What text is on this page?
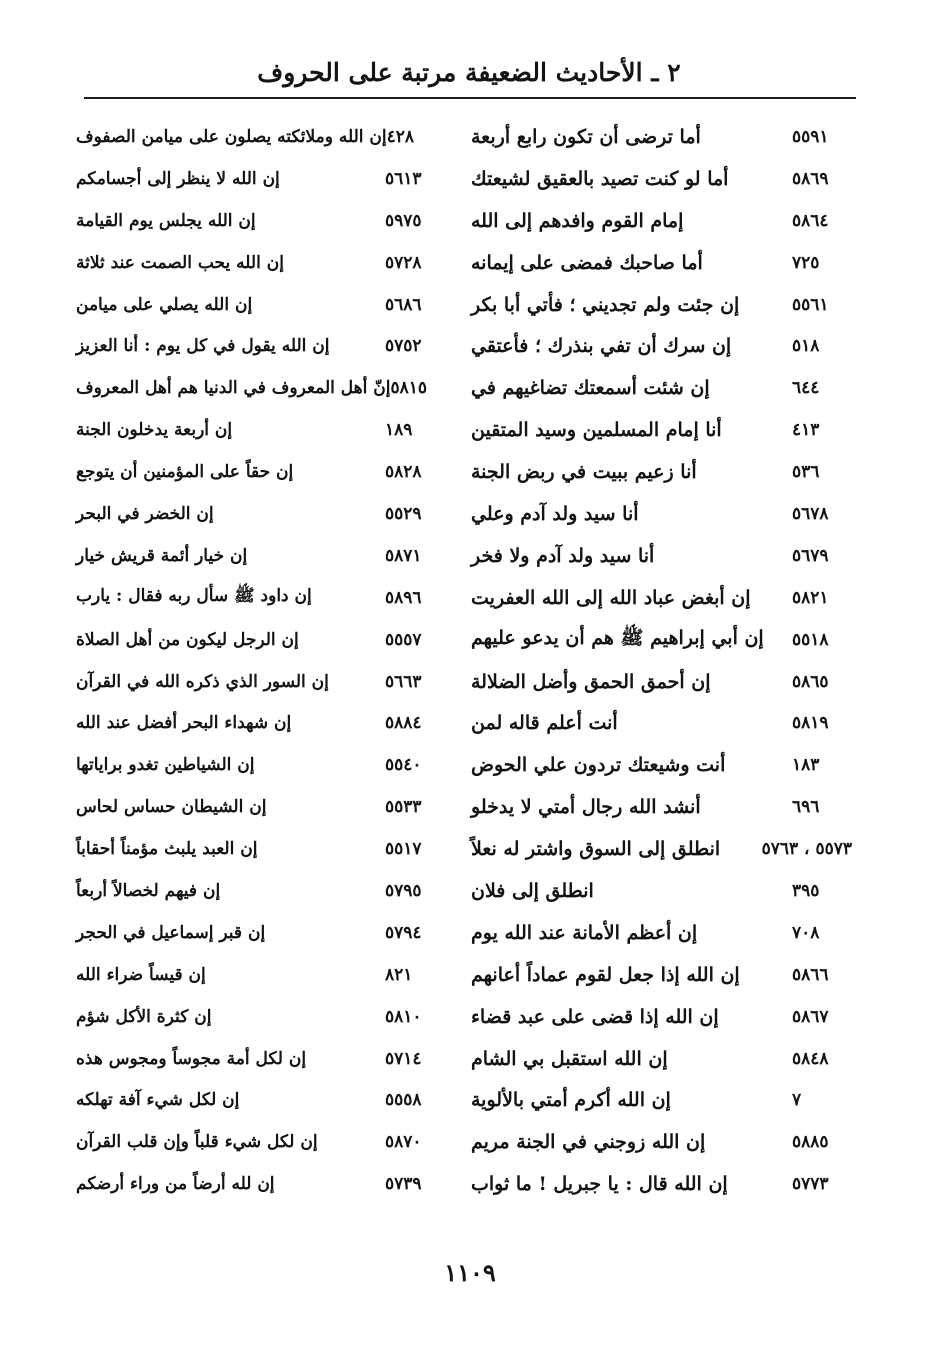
٢ ـ الأحاديث الضعيفة مرتبة على الحروف
أما ترضى أن تكون رابع أربعة	٥٥٩١
أما لو كنت تصيد بالعقيق لشيعتك	٥٨٦٩
إمام القوم وافدهم إلى الله	٥٨٦٤
أما صاحبك فمضى على إيمانه	٧٢٥
إن جئت ولم تجديني ؛ فأتي أبا بكر	٥٥٦١
إن سرك أن تفي بنذرك ؛ فأعتقي	٥١٨
إن شئت أسمعتك تضاغيهم في	٦٤٤
أنا إمام المسلمين وسيد المتقين	٤١٣
أنا زعيم ببيت في ربض الجنة	٥٣٦
أنا سيد ولد آدم وعلي	٥٦٧٨
أنا سيد ولد آدم ولا فخر	٥٦٧٩
إن أبغض عباد الله إلى الله العفريت ٥٨٢١
إن أبي إبراهيم ﷺ هم أن يدعو عليهم ٥٥١٨
إن أحمق الحمق وأضل الضلالة	٥٨٦٥
أنت أعلم قاله لمن	٥٨١٩
أنت وشيعتك تردون علي الحوض	١٨٣
أنشد الله رجال أمتي لا يدخلو	٦٩٦
انطلق إلى السوق واشتر له نعلاً ٥٥٧٣ ، ٥٧٦٣
انطلق إلى فلان	٣٩٥
إن أعظم الأمانة عند الله يوم	٧٠٨
إن الله إذا جعل لقوم عماداً أعانهم	٥٨٦٦
إن الله إذا قضى على عبد قضاء	٥٨٦٧
إن الله استقبل بي الشام	٥٨٤٨
إن الله أكرم أمتي بالألوية	٧
إن الله زوجني في الجنة مريم	٥٨٨٥
إن الله قال : يا جبريل ! ما ثواب	٥٧٧٣
إن الله وملائكته يصلون على ميامن الصفوف ٤٢٨
إن الله لا ينظر إلى أجسامكم	٥٦١٣
إن الله يجلس يوم القيامة	٥٩٧٥
إن الله يحب الصمت عند ثلاثة	٥٧٢٨
إن الله يصلي على ميامن	٥٦٨٦
إن الله يقول في كل يوم : أنا العزيز	٥٧٥٢
إنّ أهل المعروف في الدنيا هم أهل المعروف ٥٨١٥
إن أربعة يدخلون الجنة	١٨٩
إن حقاً على المؤمنين أن يتوجع	٥٨٢٨
إن الخضر في البحر	٥٥٢٩
إن خيار أئمة قريش خيار	٥٨٧١
إن داود ﷺ سأل ربه فقال : يارب	٥٨٩٦
إن الرجل ليكون من أهل الصلاة	٥٥٥٧
إن السور الذي ذكره الله في القرآن	٥٦٦٣
إن شهداء البحر أفضل عند الله	٥٨٨٤
إن الشياطين تغدو براياتها	٥٥٤٠
إن الشيطان حساس لحاس	٥٥٣٣
إن العبد يلبث مؤمناً أحقاباً	٥٥١٧
إن فيهم لخصالاً أربعاً	٥٧٩٥
إن قبر إسماعيل في الحجر	٥٧٩٤
إن قيساً ضراء الله	٨٢١
إن كثرة الأكل شؤم	٥٨١٠
إن لكل أمة مجوساً ومجوس هذه	٥٧١٤
إن لكل شيء آفة تهلكه	٥٥٥٨
إن لكل شيء قلباً وإن قلب القرآن	٥٨٧٠
إن لله أرضاً من وراء أرضكم	٥٧٣٩
١١٠٩
